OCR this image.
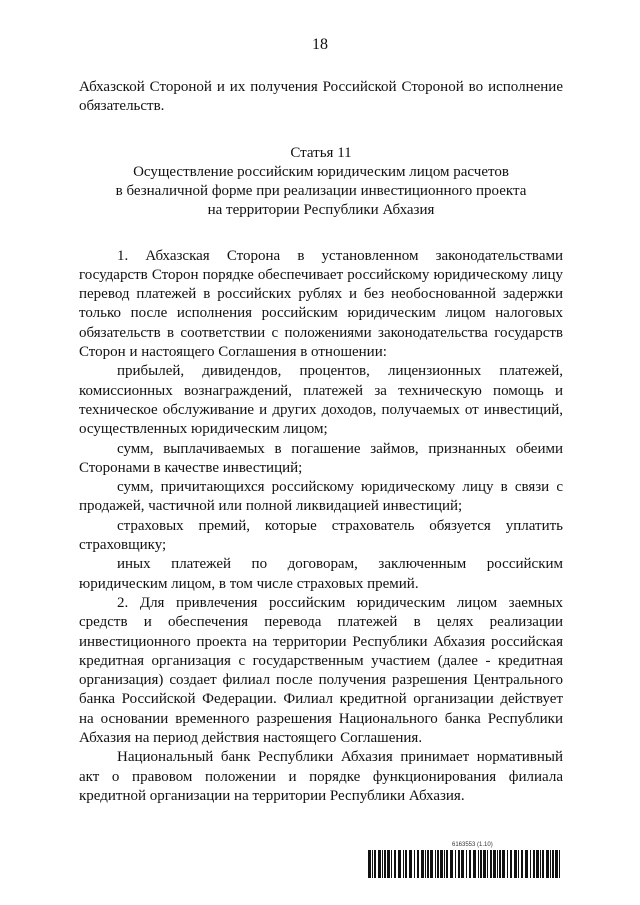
18

Абхазской Стороной и их получения Российской Стороной во исполнение обязательств.

Статья 11
Осуществление российским юридическим лицом расчетов
в безналичной форме при реализации инвестиционного проекта
на территории Республики Абхазия

1. Абхазская Сторона в установленном законодательствами государств Сторон порядке обеспечивает российскому юридическому лицу перевод платежей в российских рублях и без необоснованной задержки только после исполнения российским юридическим лицом налоговых обязательств в соответствии с положениями законодательства государств Сторон и настоящего Соглашения в отношении:

прибылей, дивидендов, процентов, лицензионных платежей, комиссионных вознаграждений, платежей за техническую помощь и техническое обслуживание и других доходов, получаемых от инвестиций, осуществленных юридическим лицом;

сумм, выплачиваемых в погашение займов, признанных обеими Сторонами в качестве инвестиций;

сумм, причитающихся российскому юридическому лицу в связи с продажей, частичной или полной ликвидацией инвестиций;

страховых премий, которые страхователь обязуется уплатить страховщику;

иных платежей по договорам, заключенным российским юридическим лицом, в том числе страховых премий.

2. Для привлечения российским юридическим лицом заемных средств и обеспечения перевода платежей в целях реализации инвестиционного проекта на территории Республики Абхазия российская кредитная организация с государственным участием (далее - кредитная организация) создает филиал после получения разрешения Центрального банка Российской Федерации. Филиал кредитной организации действует на основании временного разрешения Национального банка Республики Абхазия на период действия настоящего Соглашения.

Национальный банк Республики Абхазия принимает нормативный акт о правовом положении и порядке функционирования филиала кредитной организации на территории Республики Абхазия.

6163553 (1.10)
